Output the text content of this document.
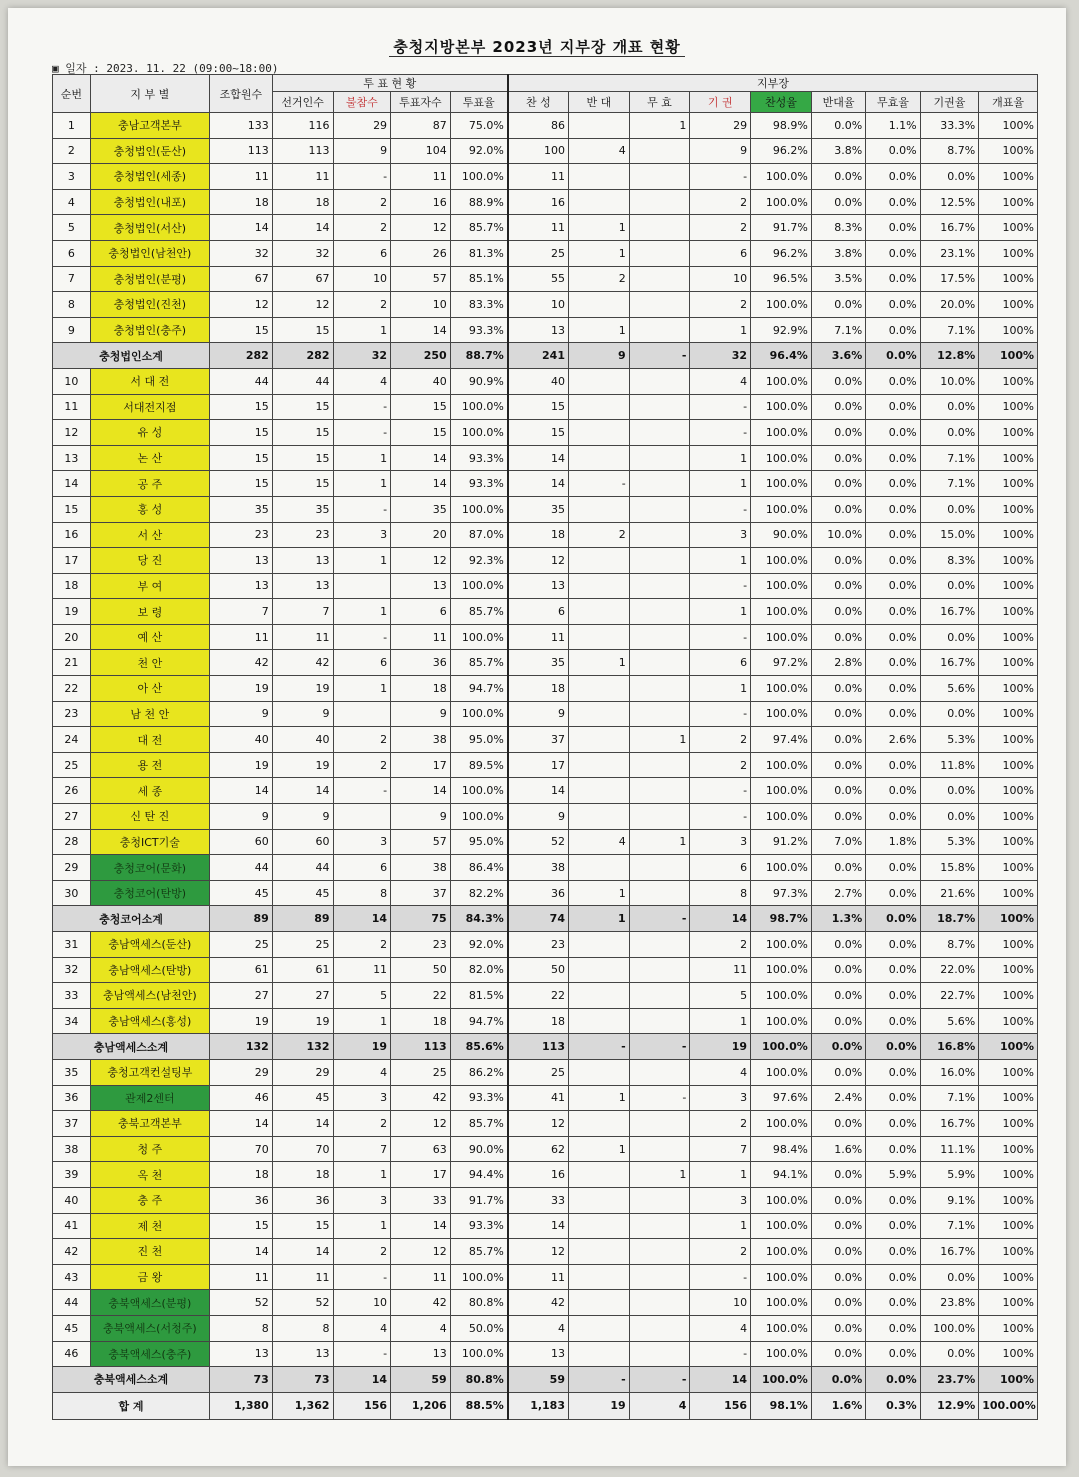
충청지방본부 2023년 지부장 개표 현황
▣ 일자 : 2023. 11. 22 (09:00~18:00)
순번	지 부 별	조합원수	투 표 현 황				지부장								
			선거인수	불참수	투표자수	투표율	찬 성	반 대	무 효	기 권	찬성율	반대율	무효율	기권율	개표율
1	충남고객본부	133	116	29	87	75.0%	86		1	29	98.9%	0.0%	1.1%	33.3%	100%
2	충청법인(둔산)	113	113	9	104	92.0%	100	4		9	96.2%	3.8%	0.0%	8.7%	100%
3	충청법인(세종)	11	11	-	11	100.0%	11			-	100.0%	0.0%	0.0%	0.0%	100%
4	충청법인(내포)	18	18	2	16	88.9%	16			2	100.0%	0.0%	0.0%	12.5%	100%
5	충청법인(서산)	14	14	2	12	85.7%	11	1		2	91.7%	8.3%	0.0%	16.7%	100%
6	충청법인(남천안)	32	32	6	26	81.3%	25	1		6	96.2%	3.8%	0.0%	23.1%	100%
7	충청법인(분평)	67	67	10	57	85.1%	55	2		10	96.5%	3.5%	0.0%	17.5%	100%
8	충청법인(진천)	12	12	2	10	83.3%	10			2	100.0%	0.0%	0.0%	20.0%	100%
9	충청법인(충주)	15	15	1	14	93.3%	13	1		1	92.9%	7.1%	0.0%	7.1%	100%
충청법인소계		282	282	32	250	88.7%	241	9	-	32	96.4%	3.6%	0.0%	12.8%	100%
10	서 대 전	44	44	4	40	90.9%	40			4	100.0%	0.0%	0.0%	10.0%	100%
11	서대전지점	15	15	-	15	100.0%	15			-	100.0%	0.0%	0.0%	0.0%	100%
12	유 성	15	15	-	15	100.0%	15			-	100.0%	0.0%	0.0%	0.0%	100%
13	논 산	15	15	1	14	93.3%	14			1	100.0%	0.0%	0.0%	7.1%	100%
14	공 주	15	15	1	14	93.3%	14	-		1	100.0%	0.0%	0.0%	7.1%	100%
15	홍 성	35	35	-	35	100.0%	35			-	100.0%	0.0%	0.0%	0.0%	100%
16	서 산	23	23	3	20	87.0%	18	2		3	90.0%	10.0%	0.0%	15.0%	100%
17	당 진	13	13	1	12	92.3%	12			1	100.0%	0.0%	0.0%	8.3%	100%
18	부 여	13	13		13	100.0%	13			-	100.0%	0.0%	0.0%	0.0%	100%
19	보 령	7	7	1	6	85.7%	6			1	100.0%	0.0%	0.0%	16.7%	100%
20	예 산	11	11	-	11	100.0%	11			-	100.0%	0.0%	0.0%	0.0%	100%
21	천 안	42	42	6	36	85.7%	35	1		6	97.2%	2.8%	0.0%	16.7%	100%
22	아 산	19	19	1	18	94.7%	18			1	100.0%	0.0%	0.0%	5.6%	100%
23	남 천 안	9	9		9	100.0%	9			-	100.0%	0.0%	0.0%	0.0%	100%
24	대 전	40	40	2	38	95.0%	37		1	2	97.4%	0.0%	2.6%	5.3%	100%
25	용 전	19	19	2	17	89.5%	17			2	100.0%	0.0%	0.0%	11.8%	100%
26	세 종	14	14	-	14	100.0%	14			-	100.0%	0.0%	0.0%	0.0%	100%
27	신 탄 진	9	9		9	100.0%	9			-	100.0%	0.0%	0.0%	0.0%	100%
28	충청ICT기술	60	60	3	57	95.0%	52	4	1	3	91.2%	7.0%	1.8%	5.3%	100%
29	충청코어(문화)	44	44	6	38	86.4%	38			6	100.0%	0.0%	0.0%	15.8%	100%
30	충청코어(탄방)	45	45	8	37	82.2%	36	1		8	97.3%	2.7%	0.0%	21.6%	100%
충청코어소계		89	89	14	75	84.3%	74	1	-	14	98.7%	1.3%	0.0%	18.7%	100%
31	충남액세스(둔산)	25	25	2	23	92.0%	23			2	100.0%	0.0%	0.0%	8.7%	100%
32	충남액세스(탄방)	61	61	11	50	82.0%	50			11	100.0%	0.0%	0.0%	22.0%	100%
33	충남액세스(남천안)	27	27	5	22	81.5%	22			5	100.0%	0.0%	0.0%	22.7%	100%
34	충남액세스(홍성)	19	19	1	18	94.7%	18			1	100.0%	0.0%	0.0%	5.6%	100%
충남액세스소계		132	132	19	113	85.6%	113	-	-	19	100.0%	0.0%	0.0%	16.8%	100%
35	충청고객컨설팅부	29	29	4	25	86.2%	25			4	100.0%	0.0%	0.0%	16.0%	100%
36	관제2센터	46	45	3	42	93.3%	41	1	-	3	97.6%	2.4%	0.0%	7.1%	100%
37	충북고객본부	14	14	2	12	85.7%	12			2	100.0%	0.0%	0.0%	16.7%	100%
38	청 주	70	70	7	63	90.0%	62	1		7	98.4%	1.6%	0.0%	11.1%	100%
39	옥 천	18	18	1	17	94.4%	16		1	1	94.1%	0.0%	5.9%	5.9%	100%
40	충 주	36	36	3	33	91.7%	33			3	100.0%	0.0%	0.0%	9.1%	100%
41	제 천	15	15	1	14	93.3%	14			1	100.0%	0.0%	0.0%	7.1%	100%
42	진 천	14	14	2	12	85.7%	12			2	100.0%	0.0%	0.0%	16.7%	100%
43	금 왕	11	11	-	11	100.0%	11			-	100.0%	0.0%	0.0%	0.0%	100%
44	충북액세스(분평)	52	52	10	42	80.8%	42			10	100.0%	0.0%	0.0%	23.8%	100%
45	충북액세스(서청주)	8	8	4	4	50.0%	4			4	100.0%	0.0%	0.0%	100.0%	100%
46	충북액세스(충주)	13	13	-	13	100.0%	13			-	100.0%	0.0%	0.0%	0.0%	100%
충북액세스소계		73	73	14	59	80.8%	59	-	-	14	100.0%	0.0%	0.0%	23.7%	100%
합 계		1,380	1,362	156	1,206	88.5%	1,183	19	4	156	98.1%	1.6%	0.3%	12.9%	100.00%
